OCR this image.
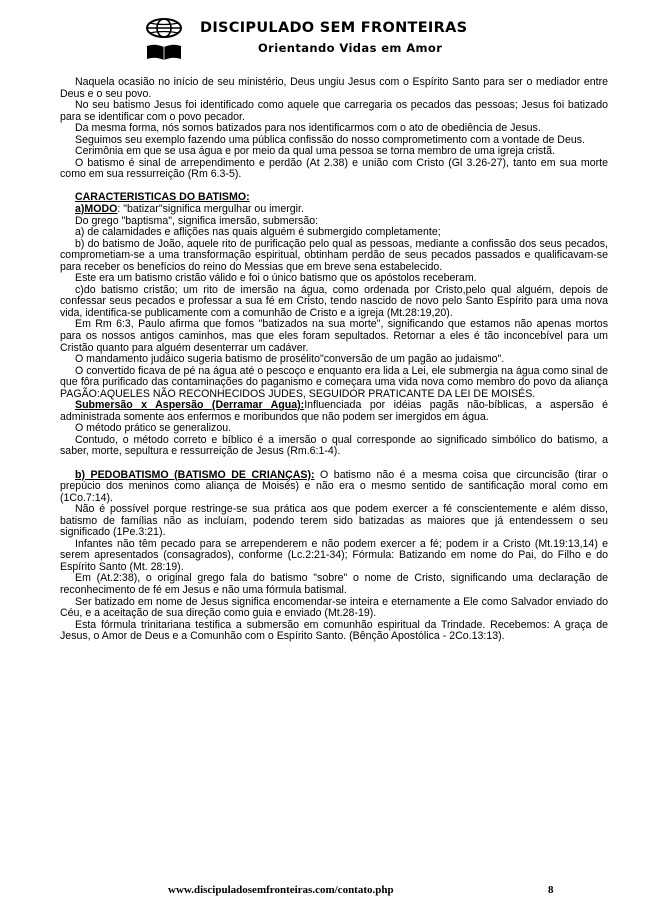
DISCIPULADO SEM FRONTEIRAS
Orientando Vidas em Amor

Naquela ocasião no início de seu ministério, Deus ungiu Jesus com o Espírito Santo para ser o mediador entre Deus e o seu povo.

No seu batismo Jesus foi identificado como aquele que carregaria os pecados das pessoas; Jesus foi batizado para se identificar com o povo pecador.

Da mesma forma, nós somos batizados para nos identificarmos com o ato de obediência de Jesus.

Seguimos seu exemplo fazendo uma pública confissão do nosso comprometimento com a vontade de Deus.

Cerimônia em que se usa água e por meio da qual uma pessoa se torna membro de uma igreja cristã.

O batismo é sinal de arrependimento e perdão (At 2.38) e união com Cristo (Gl 3.26-27), tanto em sua morte como em sua ressurreição (Rm 6.3-5).

CARACTERISTICAS DO BATISMO:

a)MODO: "batizar"significa mergulhar ou imergir.

Do grego "baptisma", significa imersão, submersão:

a) de calamidades e aflições nas quais alguém é submergido completamente;

b) do batismo de João, aquele rito de purificação pelo qual as pessoas, mediante a confissão dos seus pecados, comprometiam-se a uma transformação espiritual, obtinham perdão de seus pecados passados e qualificavam-se para receber os benefícios do reino do Messias que em breve sena estabelecido.

Este era um batismo cristão válido e foi o único batismo que os apóstolos receberam.

c)do batismo cristão; um rito de imersão na água, como ordenada por Cristo,pelo qual alguém, depois de confessar seus pecados e professar a sua fé em Cristo, tendo nascido de novo pelo Santo Espírito para uma nova vida, identifica-se publicamente com a comunhão de Cristo e a igreja (Mt.28:19,20).

Em Rm 6:3, Paulo afirma que fomos "batizados na sua morte", significando que estamos não apenas mortos para os nossos antigos caminhos, mas que eles foram sepultados. Retornar a eles é tão inconcebível para um Cristão quanto para alguém desenterrar um cadáver.

O mandamento judáico sugeria batismo de prosélito"conversão de um pagão ao judaismo".

O convertido ficava de pé na água até o pescoço e enquanto era lida a Lei, ele submergia na água como sinal de que fôra purificado das contaminações do paganismo e começara uma vida nova como membro do povo da aliança PAGÃO:AQUELES NÃO RECONHECIDOS JUDES, SEGUIDOR PRATICANTE DA LEI DE MOISÉS.

Submersão x Aspersão (Derramar Agua):Influenciada por idéias pagãs não-bíblicas, a aspersão é administrada somente aos enfermos e moribundos que não podem ser imergidos em água.

O método prático se generalizou.

Contudo, o método correto e bíblico é a imersão o qual corresponde ao significado simbólico do batismo, a saber, morte, sepultura e ressurreição de Jesus (Rm.6:1-4).

b) PEDOBATISMO (BATISMO DE CRIANÇAS): O batismo não é a mesma coisa que circuncisão (tirar o prepúcio dos meninos como aliança de Moisés) e não era o mesmo sentido de santificação moral como em (1Co.7:14).

Não é possível porque restringe-se sua prática aos que podem exercer a fé conscientemente e além disso, batismo de famílias não as incluíam, podendo terem sido batizadas as maiores que já entendessem o seu significado (1Pe.3:21).

Infantes não têm pecado para se arrependerem e não podem exercer a fé; podem ir a Cristo (Mt.19:13,14) e serem apresentados (consagrados), conforme (Lc.2:21-34); Fórmula: Batizando em nome do Pai, do Filho e do Espírito Santo (Mt. 28:19).

Em (At.2:38), o original grego fala do batismo "sobre" o nome de Cristo, significando uma declaração de reconhecimento de fé em Jesus e não uma fórmula batismal.

Ser batizado em nome de Jesus significa encomendar-se inteira e eternamente a Ele como Salvador enviado do Céu, e a aceitação de sua direção como guia e enviado (Mt.28-19).

Esta fórmula trinitariana testifica a submersão em comunhão espiritual da Trindade. Recebemos: A graça de Jesus, o Amor de Deus e a Comunhão com o Espírito Santo. (Bênção Apostólica - 2Co.13:13).

www.discipuladosemfronteiras.com/contato.php	8
